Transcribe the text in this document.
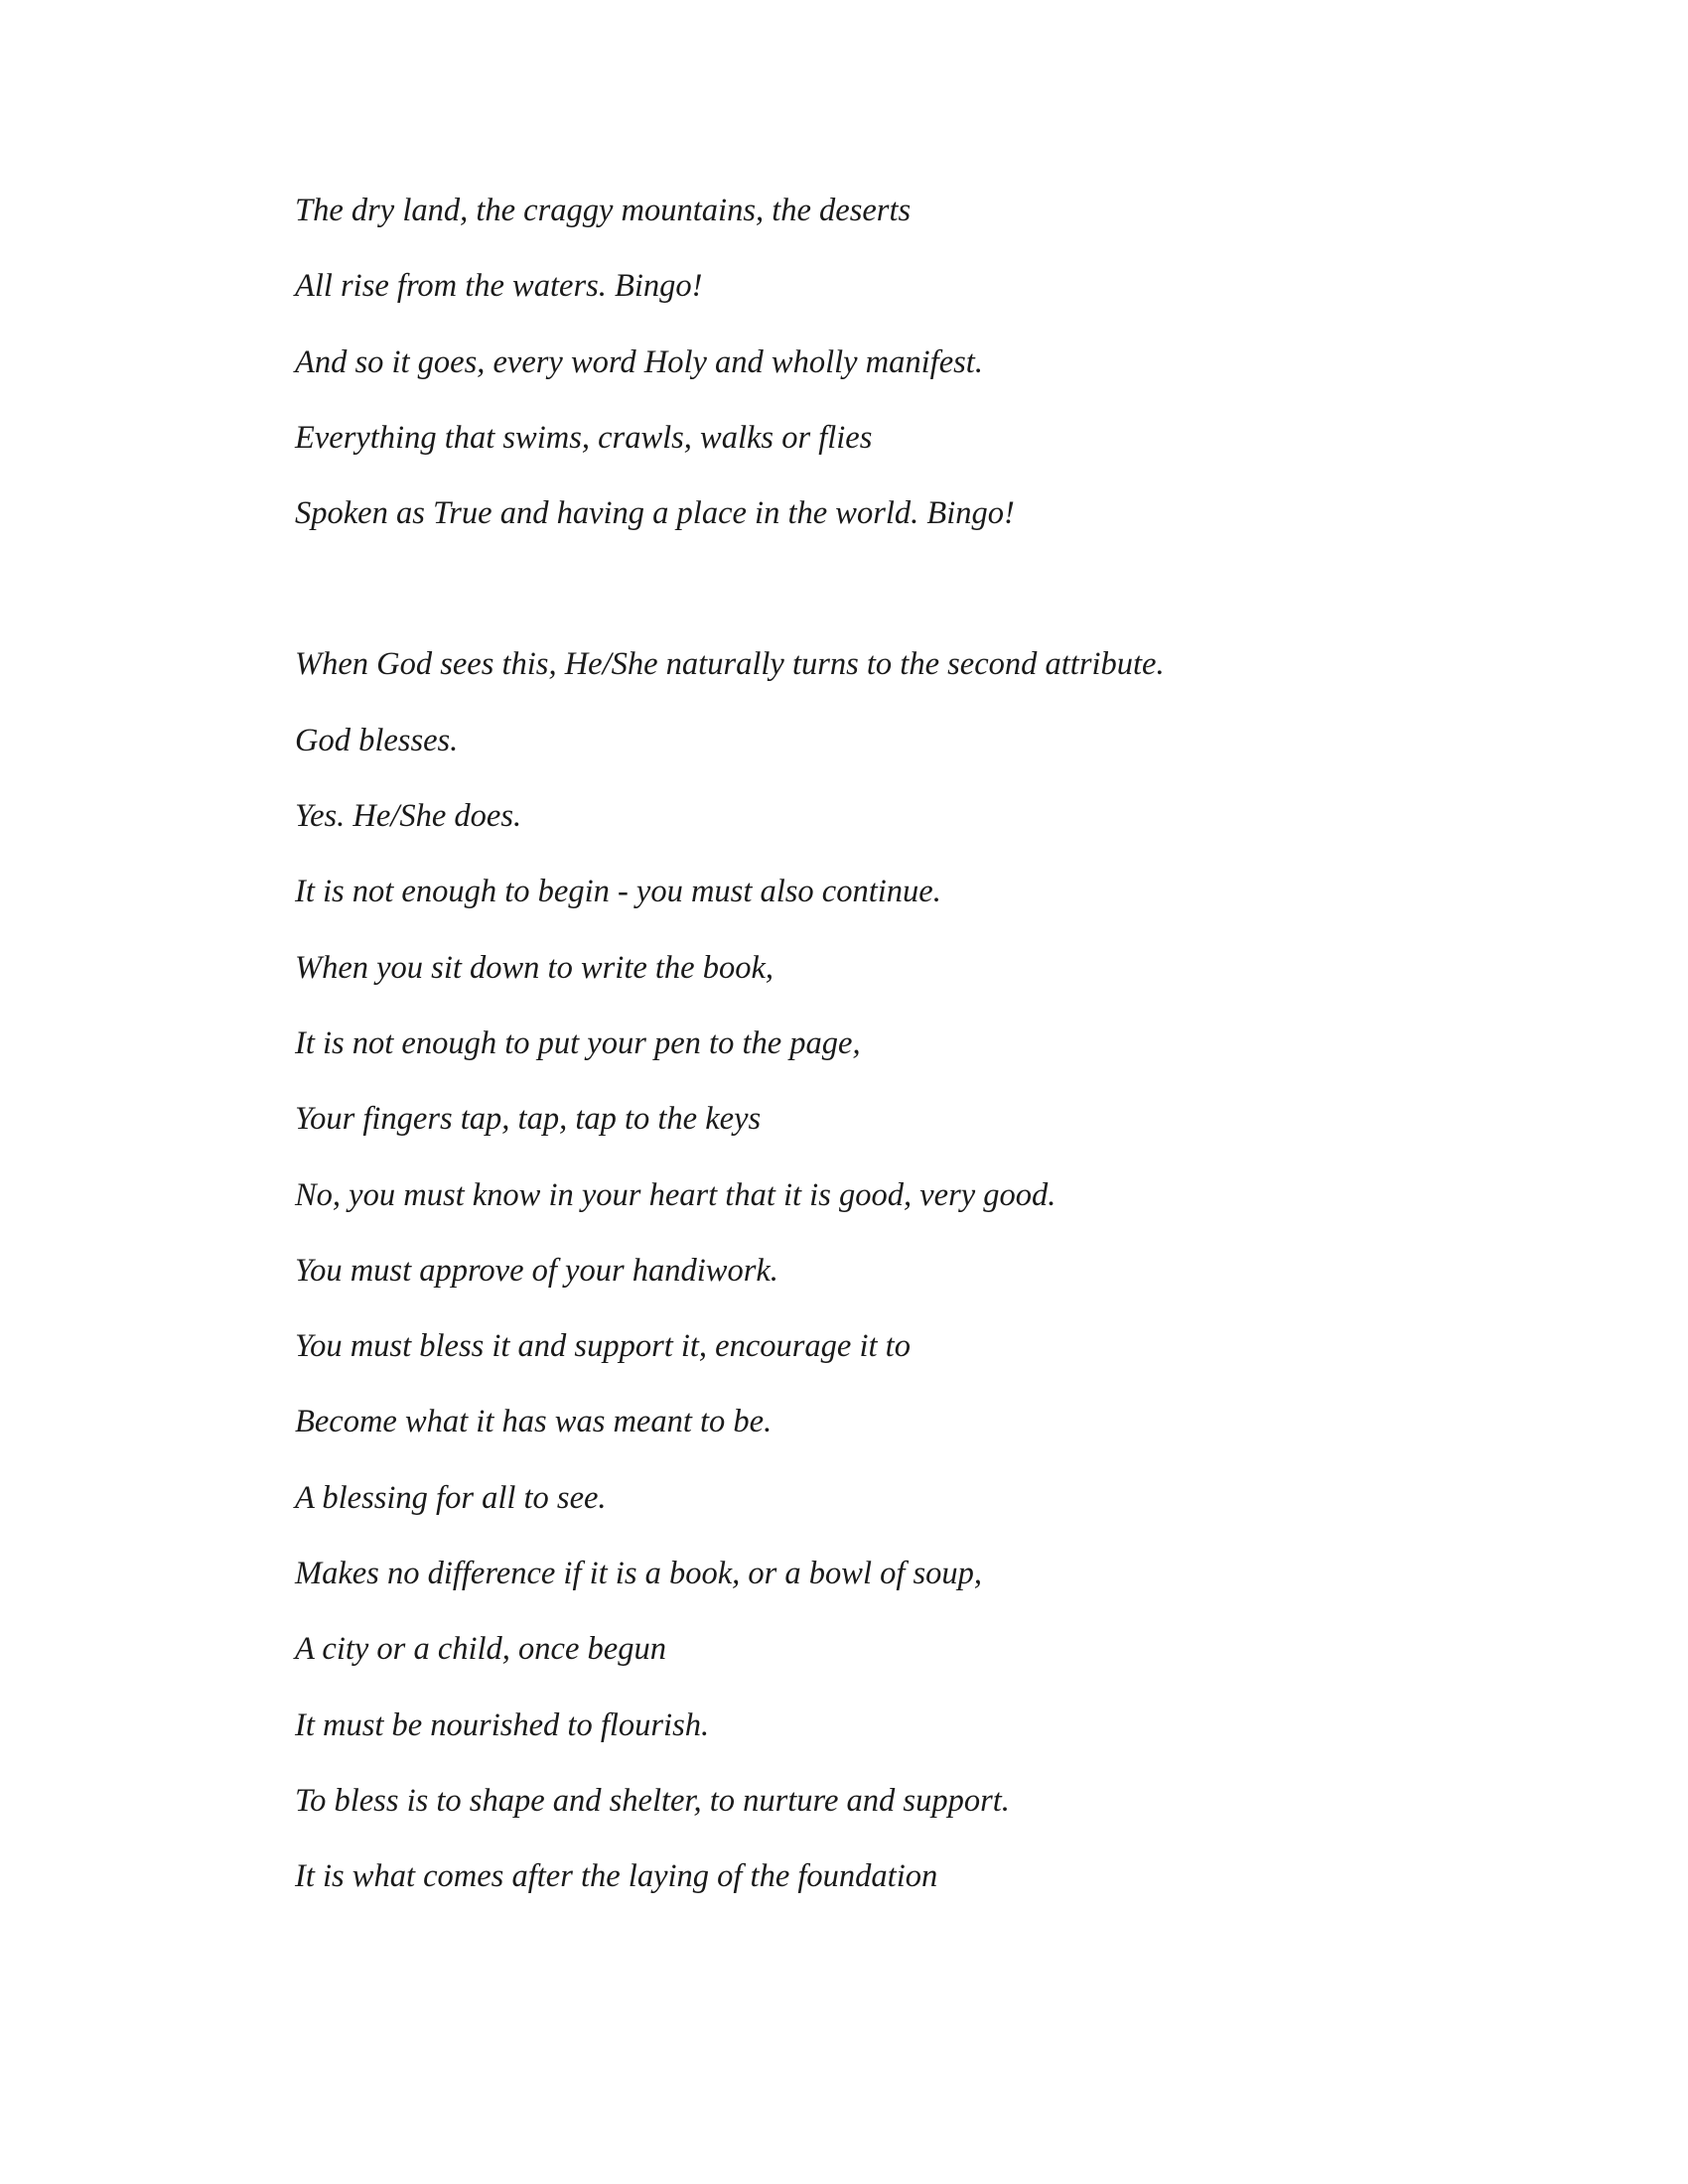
The dry land, the craggy mountains, the deserts
All rise from the waters. Bingo!
And so it goes, every word Holy and wholly manifest.
Everything that swims, crawls, walks or flies
Spoken as True and having a place in the world. Bingo!
When God sees this, He/She naturally turns to the second attribute.
God blesses.
Yes. He/She does.
It is not enough to begin - you must also continue.
When you sit down to write the book,
It is not enough to put your pen to the page,
Your fingers tap, tap, tap to the keys
No, you must know in your heart that it is good, very good.
You must approve of your handiwork.
You must bless it and support it, encourage it to
Become what it has was meant to be.
A blessing for all to see.
Makes no difference if it is a book, or a bowl of soup,
A city or a child, once begun
It must be nourished to flourish.
To bless is to shape and shelter, to nurture and support.
It is what comes after the laying of the foundation
